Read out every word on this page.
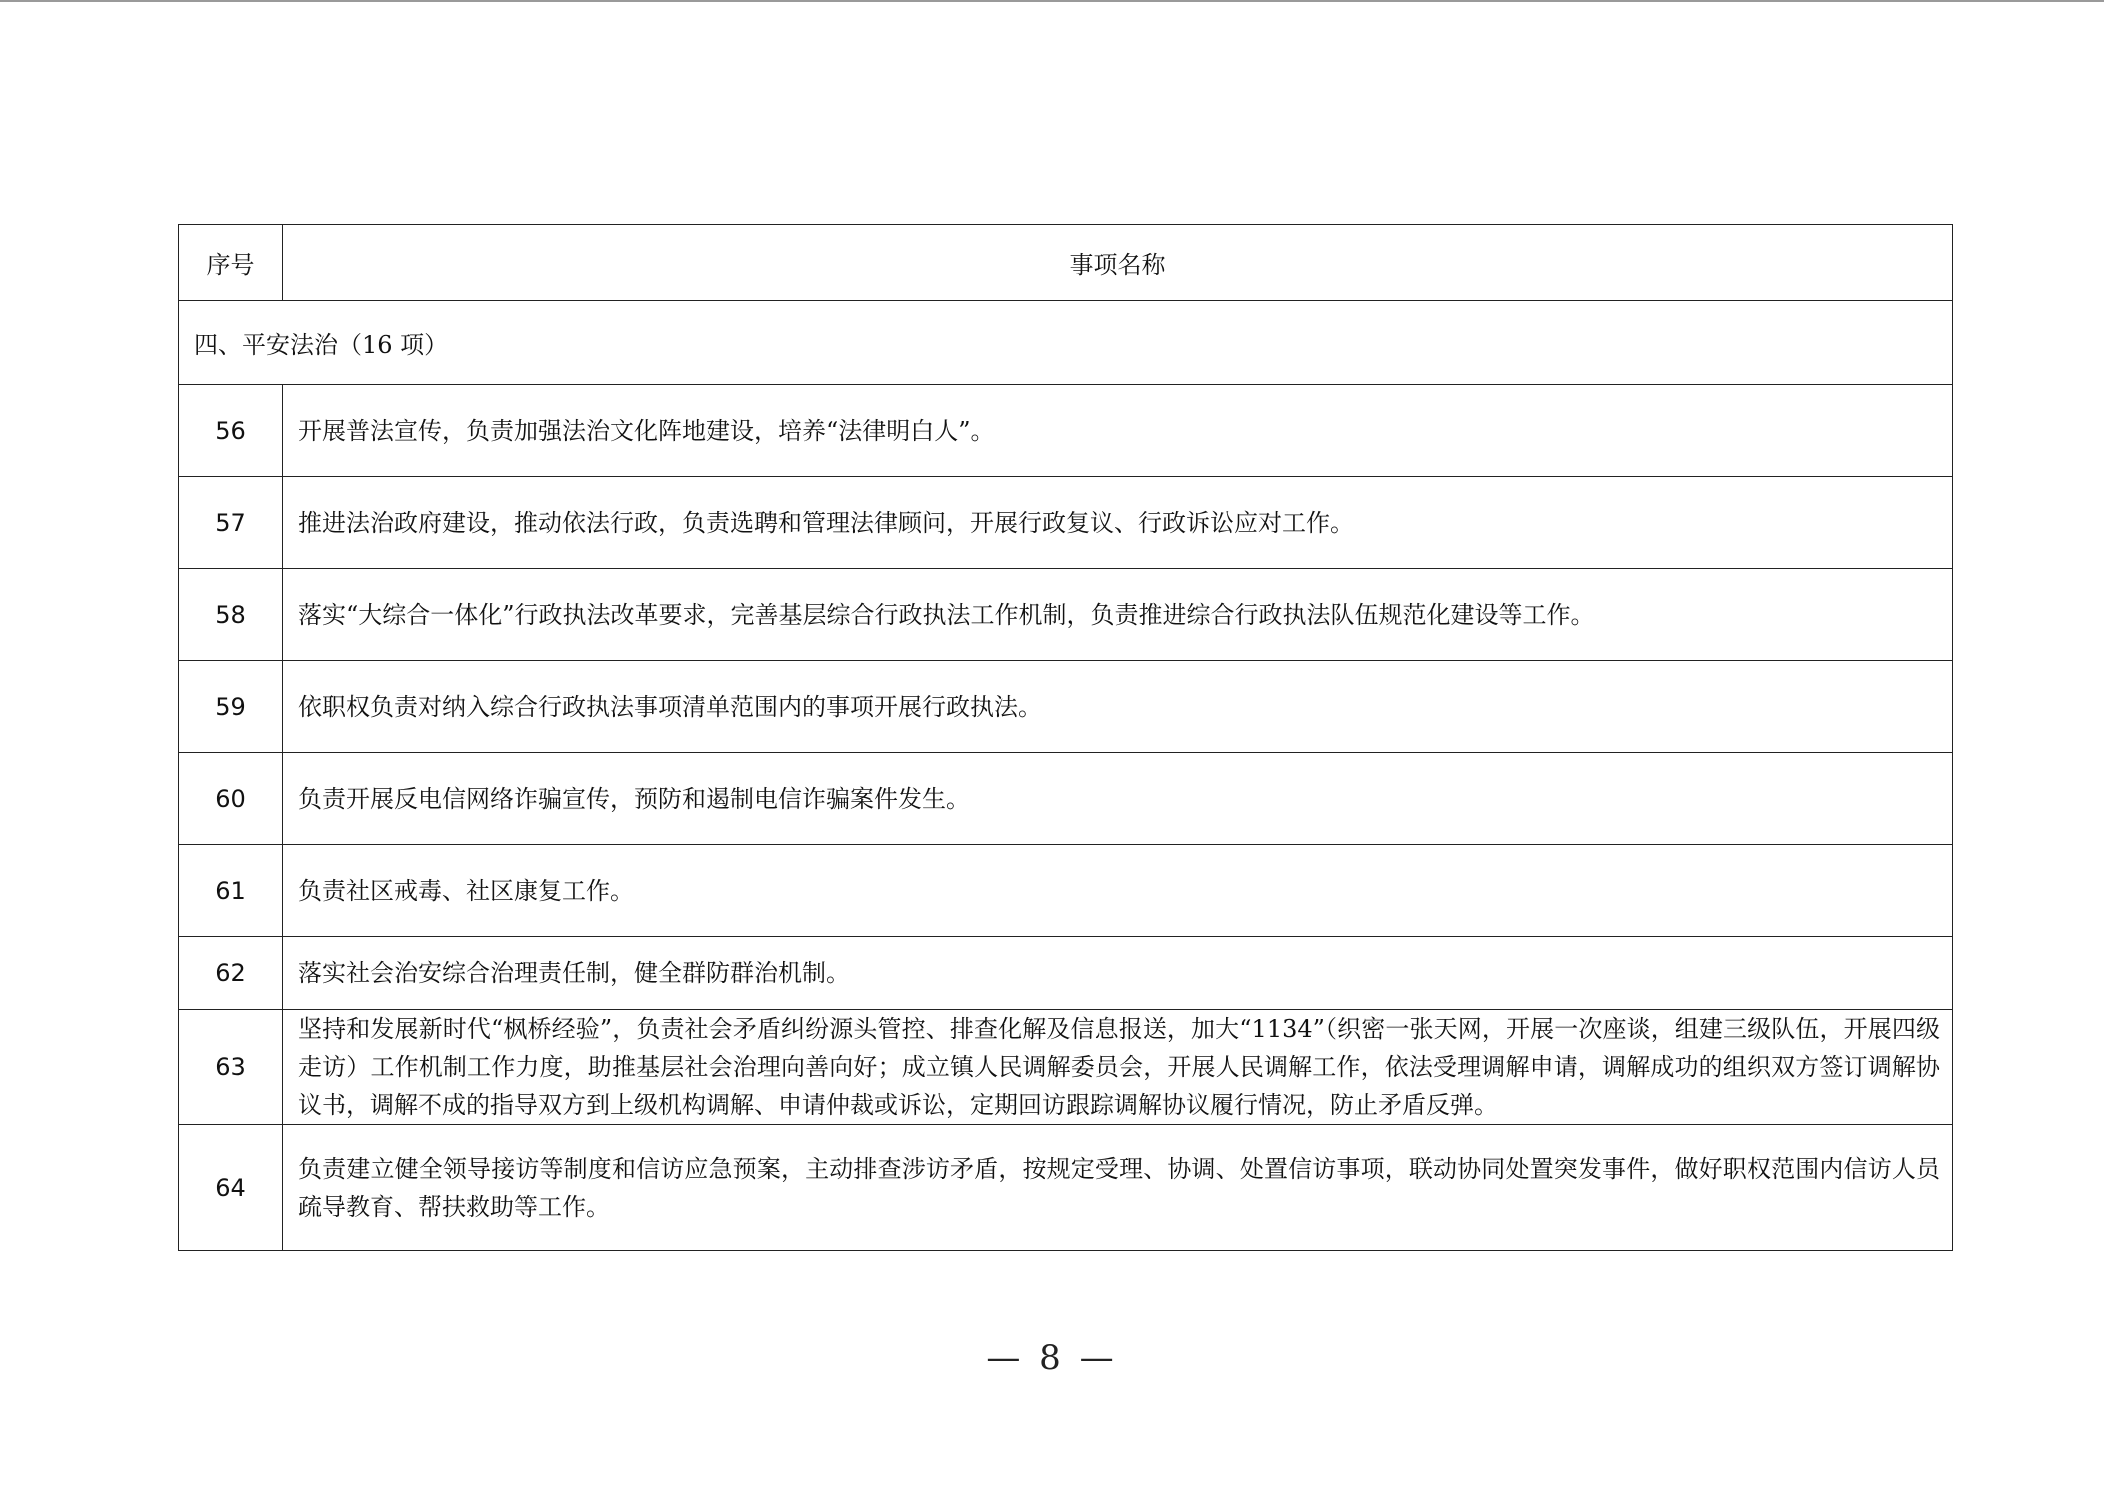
序号	事项名称
四、平安法治（16 项）	
56	开展普法宣传，负责加强法治文化阵地建设，培养“法律明白人”。
57	推进法治政府建设，推动依法行政，负责选聘和管理法律顾问，开展行政复议、行政诉讼应对工作。
58	落实“大综合一体化”行政执法改革要求，完善基层综合行政执法工作机制，负责推进综合行政执法队伍规范化建设等工作。
59	依职权负责对纳入综合行政执法事项清单范围内的事项开展行政执法。
60	负责开展反电信网络诈骗宣传，预防和遏制电信诈骗案件发生。
61	负责社区戒毒、社区康复工作。
62	落实社会治安综合治理责任制，健全群防群治机制。
63	坚持和发展新时代“枫桥经验”，负责社会矛盾纠纷源头管控、排查化解及信息报送，加大“1134”（织密一张天网，开展一次座谈，组建三级队伍，开展四级走访）工作机制工作力度，助推基层社会治理向善向好；成立镇人民调解委员会，开展人民调解工作，依法受理调解申请，调解成功的组织双方签订调解协议书，调解不成的指导双方到上级机构调解、申请仲裁或诉讼，定期回访跟踪调解协议履行情况，防止矛盾反弹。
64	负责建立健全领导接访等制度和信访应急预案，主动排查涉访矛盾，按规定受理、协调、处置信访事项，联动协同处置突发事件，做好职权范围内信访人员疏导教育、帮扶救助等工作。
— 8 —
